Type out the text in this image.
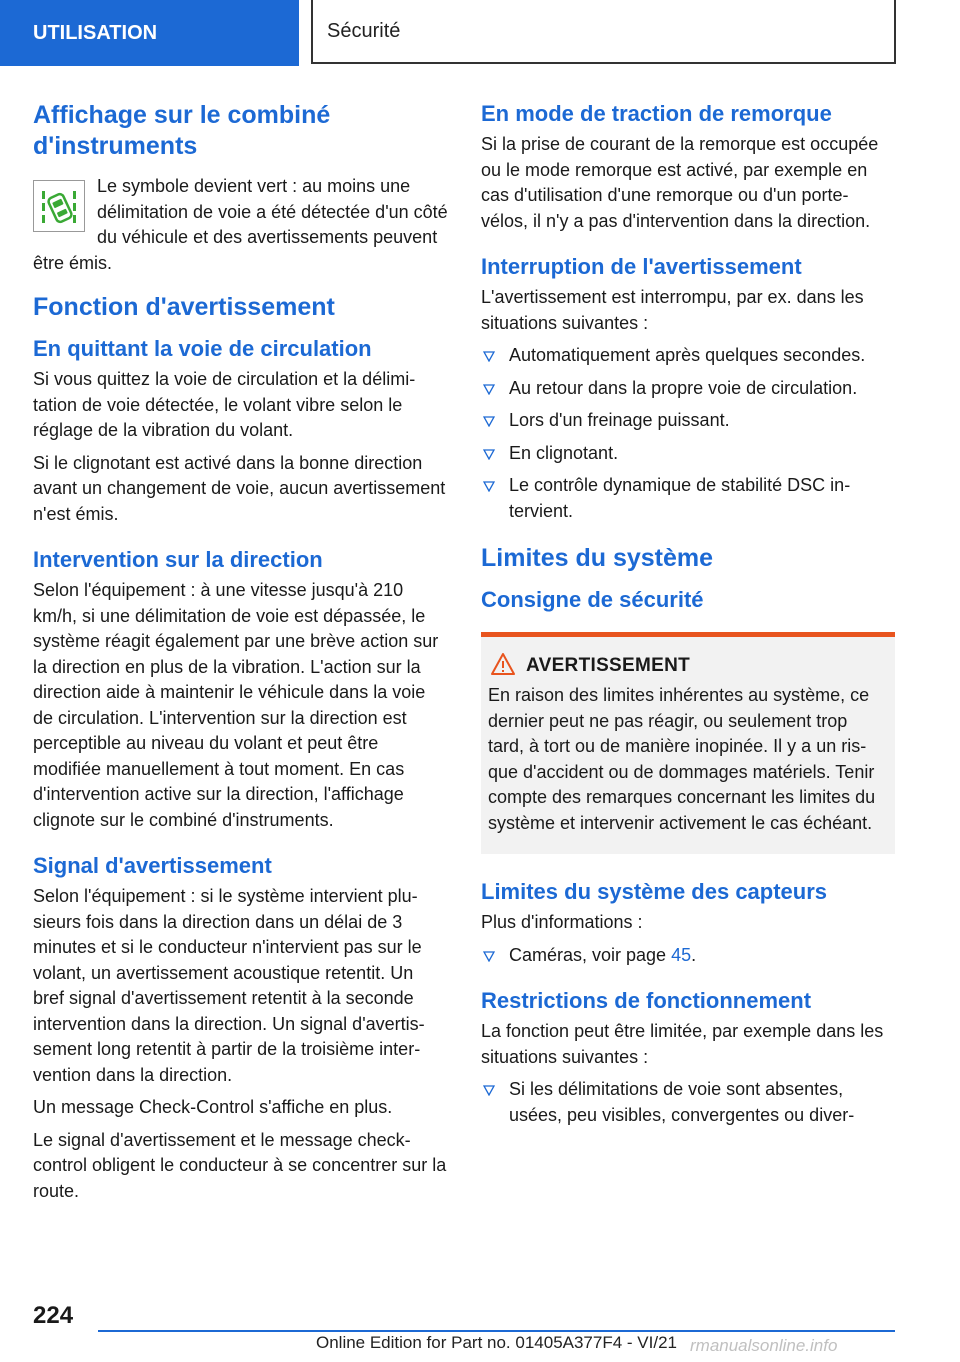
UTILISATION	Sécurité
Affichage sur le combiné d'instruments

Le symbole devient vert : au moins une délimitation de voie a été détectée d'un côté du véhicule et des avertissements peuvent être émis.

Fonction d'avertissement
En quittant la voie de circulation

Si vous quittez la voie de circulation et la délimitation de voie détectée, le volant vibre selon le réglage de la vibration du volant.

Si le clignotant est activé dans la bonne direction avant un changement de voie, aucun avertissement n'est émis.

Intervention sur la direction

Selon l'équipement : à une vitesse jusqu'à 210 km/h, si une délimitation de voie est dépassée, le système réagit également par une brève action sur la direction en plus de la vibration. L'action sur la direction aide à maintenir le véhicule dans la voie de circulation. L'intervention sur la direction est perceptible au niveau du volant et peut être modifiée manuellement à tout moment. En cas d'intervention active sur la direction, l'affichage clignote sur le combiné d'instruments.

Signal d'avertissement

Selon l'équipement : si le système intervient plusieurs fois dans la direction dans un délai de 3 minutes et si le conducteur n'intervient pas sur le volant, un avertissement acoustique retentit. Un bref signal d'avertissement retentit à la seconde intervention dans la direction. Un signal d'avertissement long retentit à partir de la troisième intervention dans la direction.

Un message Check-Control s'affiche en plus.

Le signal d'avertissement et le message check-control obligent le conducteur à se concentrer sur la route.

En mode de traction de remorque

Si la prise de courant de la remorque est occupée ou le mode remorque est activé, par exemple en cas d'utilisation d'une remorque ou d'un porte-vélos, il n'y a pas d'intervention dans la direction.

Interruption de l'avertissement

L'avertissement est interrompu, par ex. dans les situations suivantes :

Automatiquement après quelques secondes.
Au retour dans la propre voie de circulation.
Lors d'un freinage puissant.
En clignotant.
Le contrôle dynamique de stabilité DSC intervient.
Limites du système
Consigne de sécurité
AVERTISSEMENT

En raison des limites inhérentes au système, ce dernier peut ne pas réagir, ou seulement trop tard, à tort ou de manière inopinée. Il y a un risque d'accident ou de dommages matériels. Tenir compte des remarques concernant les limites du système et intervenir activement le cas échéant.

Limites du système des capteurs

Plus d'informations :

Caméras, voir page 45.
Restrictions de fonctionnement

La fonction peut être limitée, par exemple dans les situations suivantes :

Si les délimitations de voie sont absentes, usées, peu visibles, convergentes ou diver-
224
Online Edition for Part no. 01405A377F4 - VI/21 rmanualsonline.info
